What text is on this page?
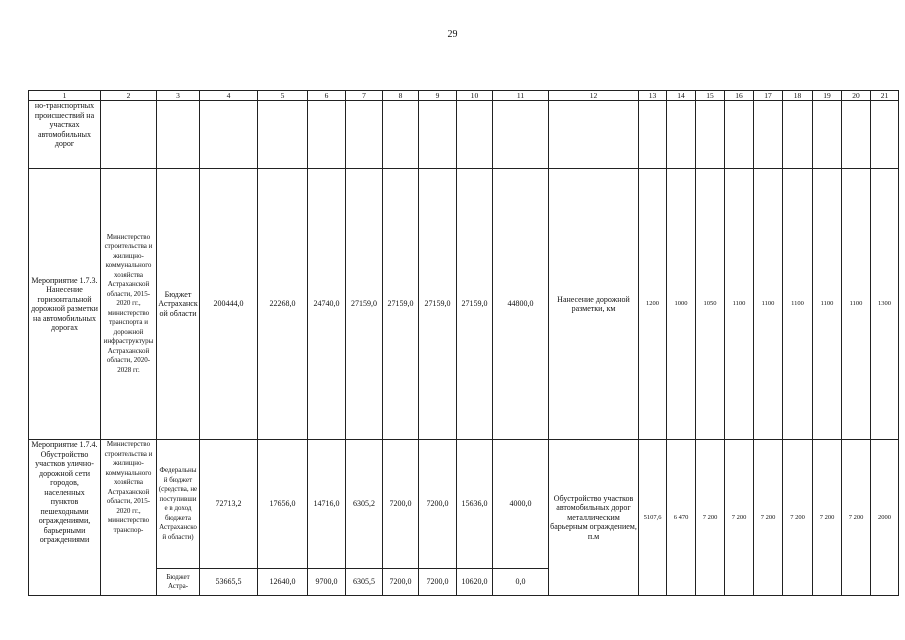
29
1	2	3	4	5	6	7	8	9	10	11	12	13	14	15	16	17	18	19	20	21
но-транспортных происшествий на участках автомобильных дорог																				
Мероприятие 1.7.3. Нанесение горизонтальной дорожной разметки на автомобильных дорогах	Министерство строительства и жилищно-коммунального хозяйства Астраханской области, 2015-2020 гг., министерство транспорта и дорожной инфраструктуры Астраханской области, 2020-2028 гг.	Бюджет Астраханской области	200444,0	22268,0	24740,0	27159,0	27159,0	27159,0	27159,0	44800,0	Нанесение дорожной разметки, км	1200	1000	1050	1100	1100	1100	1100	1100	1300
Мероприятие 1.7.4. Обустройство участков улично-дорожной сети городов, населенных пунктов пешеходными ограждениями, барьерными ограждениями	Министерство строительства и жилищно-коммунального хозяйства Астраханской области, 2015-2020 гг., министерство транспор-	Федеральный бюджет (средства, не поступившие в доход бюджета Астраханской области)	72713,2	17656,0	14716,0	6305,2	7200,0	7200,0	15636,0	4000,0	Обустройство участков автомобильных дорог металлическим барьерным ограждением, п.м	5107,6	6 470	7 200	7 200	7 200	7 200	7 200	7 200	2000
		Бюджет Астра-	53665,5	12640,0	9700,0	6305,5	7200,0	7200,0	10620,0	0,0										
